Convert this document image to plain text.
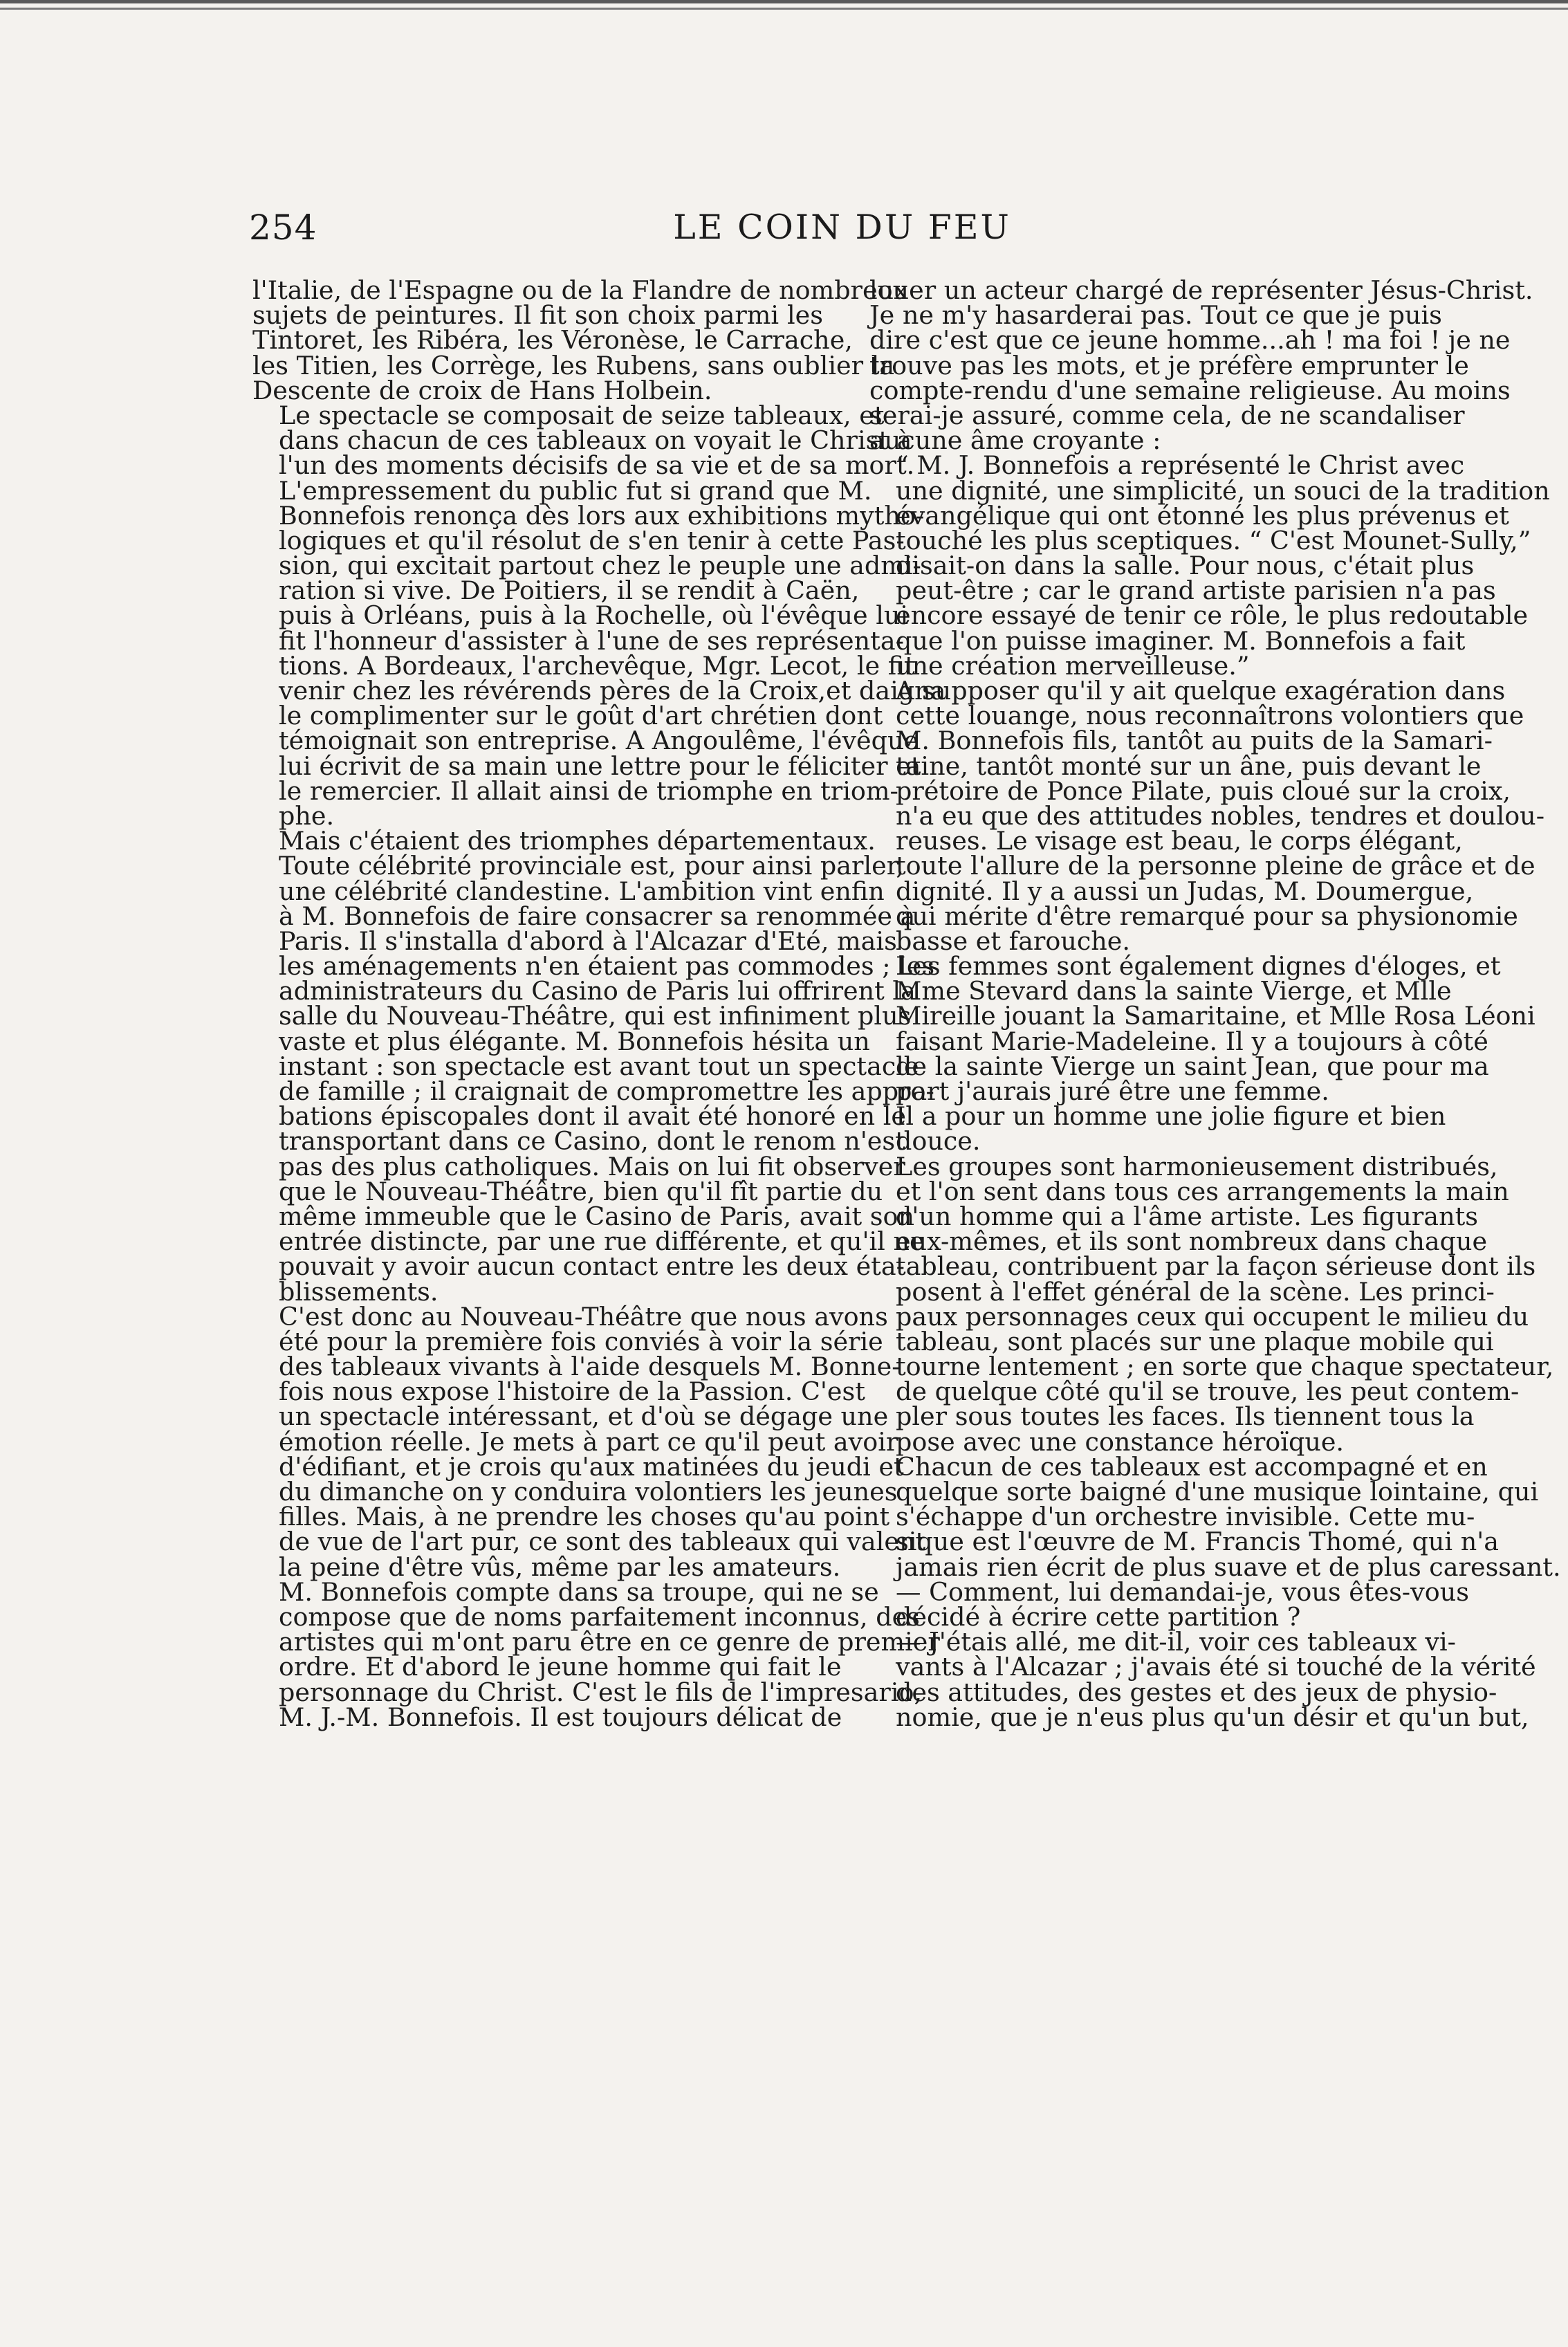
254	LE COIN DU FEU
l'Italie, de l'Espagne ou de la Flandre de nombreux
sujets de peintures. Il fit son choix parmi les
Tintoret, les Ribéra, les Véronèse, le Carrache,
les Titien, les Corrège, les Rubens, sans oublier la
Descente de croix de Hans Holbein.
Le spectacle se composait de seize tableaux, et
dans chacun de ces tableaux on voyait le Christ à
l'un des moments décisifs de sa vie et de sa mort.
L'empressement du public fut si grand que M.
Bonnefois renonça dès lors aux exhibitions mytho-
logiques et qu'il résolut de s'en tenir à cette Pas-
sion, qui excitait partout chez le peuple une admi-
ration si vive. De Poitiers, il se rendit à Caën,
puis à Orléans, puis à la Rochelle, où l'évêque lui
fit l'honneur d'assister à l'une de ses représenta-
tions. A Bordeaux, l'archevêque, Mgr. Lecot, le fit
venir chez les révérends pères de la Croix,et daigna
le complimenter sur le goût d'art chrétien dont
témoignait son entreprise. A Angoulême, l'évêque
lui écrivit de sa main une lettre pour le féliciter et
le remercier. Il allait ainsi de triomphe en triom-
phe.
Mais c'étaient des triomphes départementaux.
Toute célébrité provinciale est, pour ainsi parler,
une célébrité clandestine. L'ambition vint enfin
à M. Bonnefois de faire consacrer sa renommée à
Paris. Il s'installa d'abord à l'Alcazar d'Eté, mais
les aménagements n'en étaient pas commodes ; les
administrateurs du Casino de Paris lui offrirent la
salle du Nouveau-Théâtre, qui est infiniment plus
vaste et plus élégante. M. Bonnefois hésita un
instant : son spectacle est avant tout un spectacle
de famille ; il craignait de compromettre les appro-
bations épiscopales dont il avait été honoré en le
transportant dans ce Casino, dont le renom n'est
pas des plus catholiques. Mais on lui fit observer
que le Nouveau-Théâtre, bien qu'il fît partie du
même immeuble que le Casino de Paris, avait son
entrée distincte, par une rue différente, et qu'il ne
pouvait y avoir aucun contact entre les deux éta-
blissements.
C'est donc au Nouveau-Théâtre que nous avons
été pour la première fois conviés à voir la série
des tableaux vivants à l'aide desquels M. Bonne-
fois nous expose l'histoire de la Passion. C'est
un spectacle intéressant, et d'où se dégage une
émotion réelle. Je mets à part ce qu'il peut avoir
d'édifiant, et je crois qu'aux matinées du jeudi et
du dimanche on y conduira volontiers les jeunes
filles. Mais, à ne prendre les choses qu'au point
de vue de l'art pur, ce sont des tableaux qui valent
la peine d'être vûs, même par les amateurs.
M. Bonnefois compte dans sa troupe, qui ne se
compose que de noms parfaitement inconnus, des
artistes qui m'ont paru être en ce genre de premier
ordre. Et d'abord le jeune homme qui fait le
personnage du Christ. C'est le fils de l'impresario,
M. J.-M. Bonnefois. Il est toujours délicat de
louer un acteur chargé de représenter Jésus-Christ.
Je ne m'y hasarderai pas. Tout ce que je puis
dire c'est que ce jeune homme...ah ! ma foi ! je ne
trouve pas les mots, et je préfère emprunter le
compte-rendu d'une semaine religieuse. Au moins
serai-je assuré, comme cela, de ne scandaliser
aucune âme croyante :
“ M. J. Bonnefois a représenté le Christ avec
une dignité, une simplicité, un souci de la tradition
évangélique qui ont étonné les plus prévenus et
touché les plus sceptiques. “ C'est Mounet-Sully,”
disait-on dans la salle. Pour nous, c'était plus
peut-être ; car le grand artiste parisien n'a pas
encore essayé de tenir ce rôle, le plus redoutable
que l'on puisse imaginer. M. Bonnefois a fait
une création merveilleuse.”
A supposer qu'il y ait quelque exagération dans
cette louange, nous reconnaîtrons volontiers que
M. Bonnefois fils, tantôt au puits de la Samari-
taine, tantôt monté sur un âne, puis devant le
prétoire de Ponce Pilate, puis cloué sur la croix,
n'a eu que des attitudes nobles, tendres et doulou-
reuses. Le visage est beau, le corps élégant,
toute l'allure de la personne pleine de grâce et de
dignité. Il y a aussi un Judas, M. Doumergue,
qui mérite d'être remarqué pour sa physionomie
basse et farouche.
Les femmes sont également dignes d'éloges, et
Mme Stevard dans la sainte Vierge, et Mlle
Mireille jouant la Samaritaine, et Mlle Rosa Léoni
faisant Marie-Madeleine. Il y a toujours à côté
de la sainte Vierge un saint Jean, que pour ma
part j'aurais juré être une femme.
Il a pour un homme une jolie figure et bien
douce.
Les groupes sont harmonieusement distribués,
et l'on sent dans tous ces arrangements la main
d'un homme qui a l'âme artiste. Les figurants
eux-mêmes, et ils sont nombreux dans chaque
tableau, contribuent par la façon sérieuse dont ils
posent à l'effet général de la scène. Les princi-
paux personnages ceux qui occupent le milieu du
tableau, sont placés sur une plaque mobile qui
tourne lentement ; en sorte que chaque spectateur,
de quelque côté qu'il se trouve, les peut contem-
pler sous toutes les faces. Ils tiennent tous la
pose avec une constance héroïque.
Chacun de ces tableaux est accompagné et en
quelque sorte baigné d'une musique lointaine, qui
s'échappe d'un orchestre invisible. Cette mu-
sique est l'œuvre de M. Francis Thomé, qui n'a
jamais rien écrit de plus suave et de plus caressant.
— Comment, lui demandai-je, vous êtes-vous
décidé à écrire cette partition ?
— J'étais allé, me dit-il, voir ces tableaux vi-
vants à l'Alcazar ; j'avais été si touché de la vérité
des attitudes, des gestes et des jeux de physio-
nomie, que je n'eus plus qu'un désir et qu'un but,
